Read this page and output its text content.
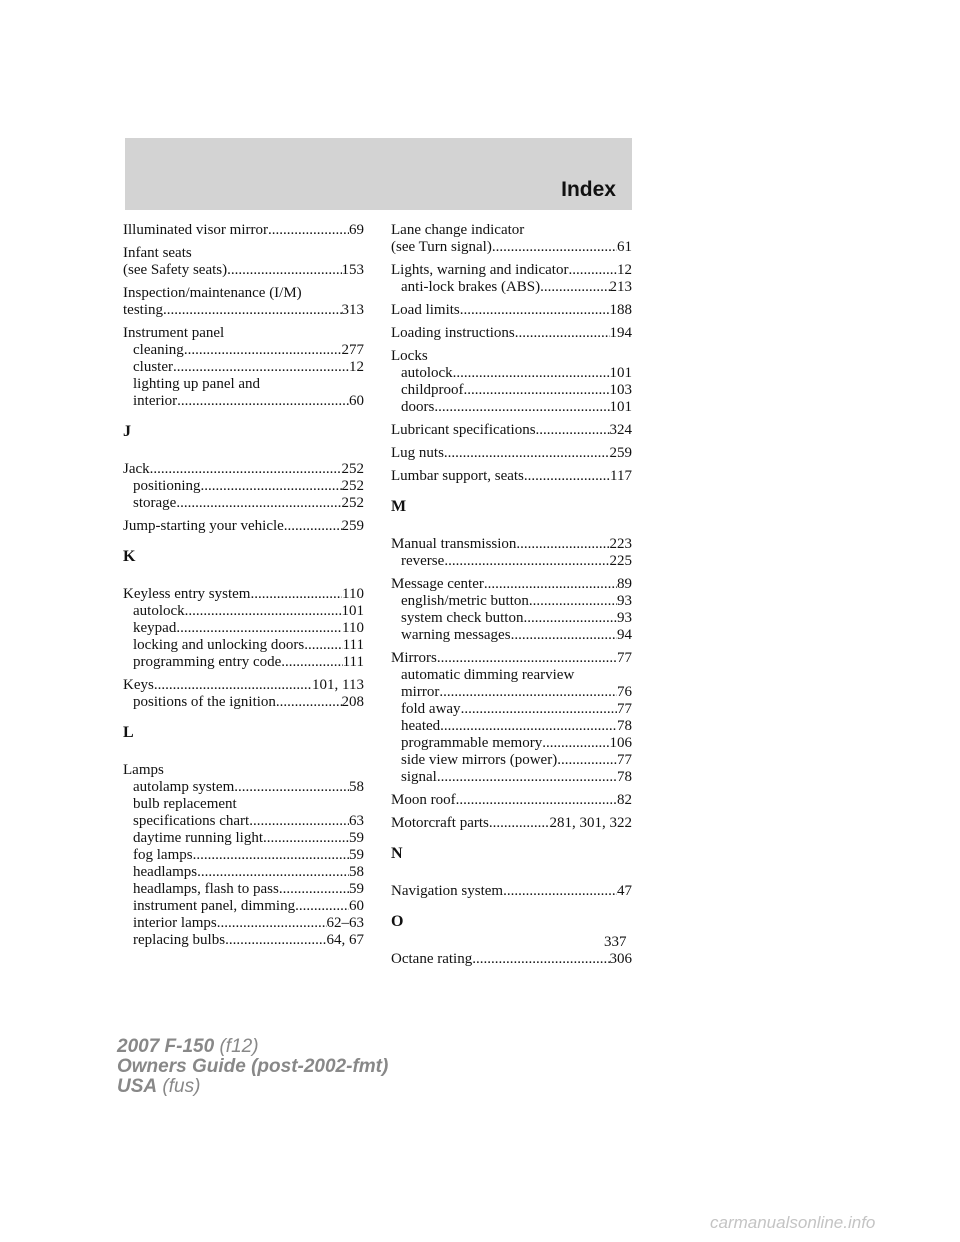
Index
Illuminated visor mirror .....	69
Infant seats
(see Safety seats) .....	153
Inspection/maintenance (I/M)
testing .....	313
Instrument panel
cleaning .....	277
cluster .....	12
lighting up panel and
interior .....	60
J
Jack .....	252
positioning .....	252
storage .....	252
Jump-starting your vehicle .....	259
K
Keyless entry system .....	110
autolock .....	101
keypad .....	110
locking and unlocking doors .....	111
programming entry code .....	111
Keys .....	101, 113
positions of the ignition .....	208
L
Lamps
autolamp system .....	58
bulb replacement
specifications chart .....	63
daytime running light .....	59
fog lamps .....	59
headlamps .....	58
headlamps, flash to pass .....	59
instrument panel, dimming .....	60
interior lamps .....	62–63
replacing bulbs .....	64, 67
Lane change indicator
(see Turn signal) .....	61
Lights, warning and indicator .....	12
anti-lock brakes (ABS) .....	213
Load limits .....	188
Loading instructions .....	194
Locks
autolock .....	101
childproof .....	103
doors .....	101
Lubricant specifications .....	324
Lug nuts .....	259
Lumbar support, seats .....	117
M
Manual transmission .....	223
reverse .....	225
Message center .....	89
english/metric button .....	93
system check button .....	93
warning messages .....	94
Mirrors .....	77
automatic dimming rearview
mirror .....	76
fold away .....	77
heated .....	78
programmable memory .....	106
side view mirrors (power) .....	77
signal .....	78
Moon roof .....	82
Motorcraft parts .....	281, 301, 322
N
Navigation system .....	47
O
Octane rating .....	306
337
2007 F-150 (f12)
Owners Guide (post-2002-fmt)
USA (fus)
carmanualsonline.info
